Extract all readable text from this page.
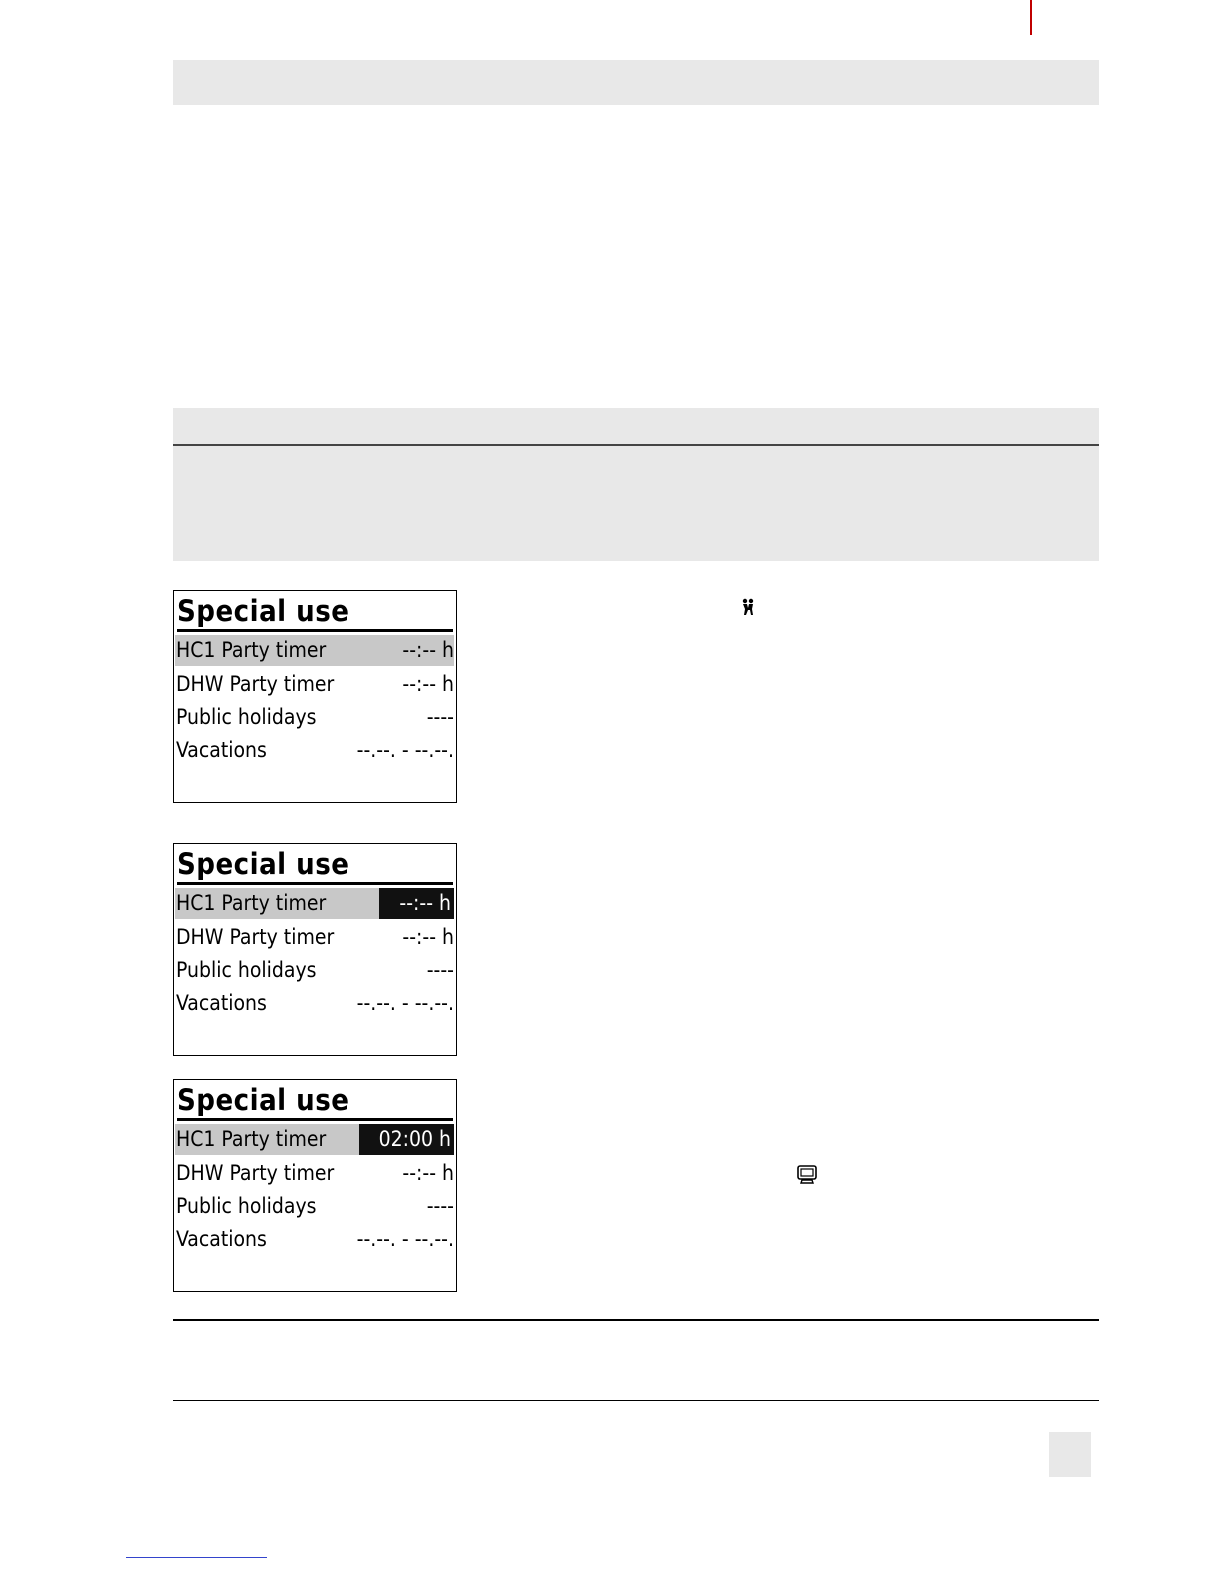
Special use
HC1 Party timer	--:-- h
DHW Party timer	--:-- h
Public holidays	----
Vacations	--.--. - --.--.
Special use
HC1 Party timer	--:-- h
DHW Party timer	--:-- h
Public holidays	----
Vacations	--.--. - --.--.
Special use
HC1 Party timer	02:00 h
DHW Party timer	--:-- h
Public holidays	----
Vacations	--.--. - --.--.
